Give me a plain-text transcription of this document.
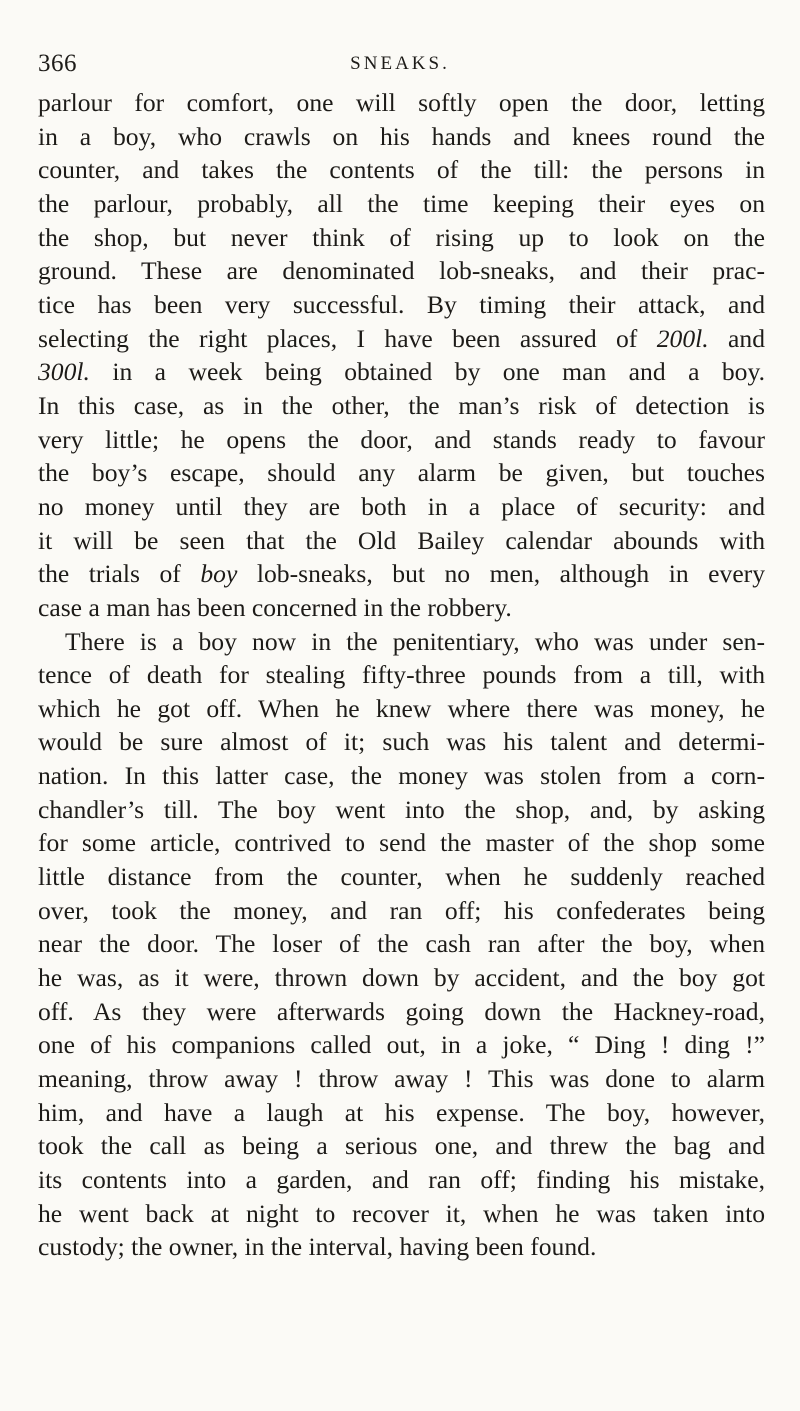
366	SNEAKS.
parlour for comfort, one will softly open the door, letting
in a boy, who crawls on his hands and knees round the
counter, and takes the contents of the till: the persons in
the parlour, probably, all the time keeping their eyes on
the shop, but never think of rising up to look on the
ground. These are denominated lob-sneaks, and their prac-
tice has been very successful. By timing their attack, and
selecting the right places, I have been assured of 200l. and
300l. in a week being obtained by one man and a boy.
In this case, as in the other, the man’s risk of detection is
very little; he opens the door, and stands ready to favour
the boy’s escape, should any alarm be given, but touches
no money until they are both in a place of security: and
it will be seen that the Old Bailey calendar abounds with
the trials of boy lob-sneaks, but no men, although in every
case a man has been concerned in the robbery.
There is a boy now in the penitentiary, who was under sen-
tence of death for stealing fifty-three pounds from a till, with
which he got off. When he knew where there was money, he
would be sure almost of it; such was his talent and determi-
nation. In this latter case, the money was stolen from a corn-
chandler’s till. The boy went into the shop, and, by asking
for some article, contrived to send the master of the shop some
little distance from the counter, when he suddenly reached
over, took the money, and ran off; his confederates being
near the door. The loser of the cash ran after the boy, when
he was, as it were, thrown down by accident, and the boy got
off. As they were afterwards going down the Hackney-road,
one of his companions called out, in a joke, “ Ding ! ding !”
meaning, throw away ! throw away ! This was done to alarm
him, and have a laugh at his expense. The boy, however,
took the call as being a serious one, and threw the bag and
its contents into a garden, and ran off; finding his mistake,
he went back at night to recover it, when he was taken into
custody; the owner, in the interval, having been found.
